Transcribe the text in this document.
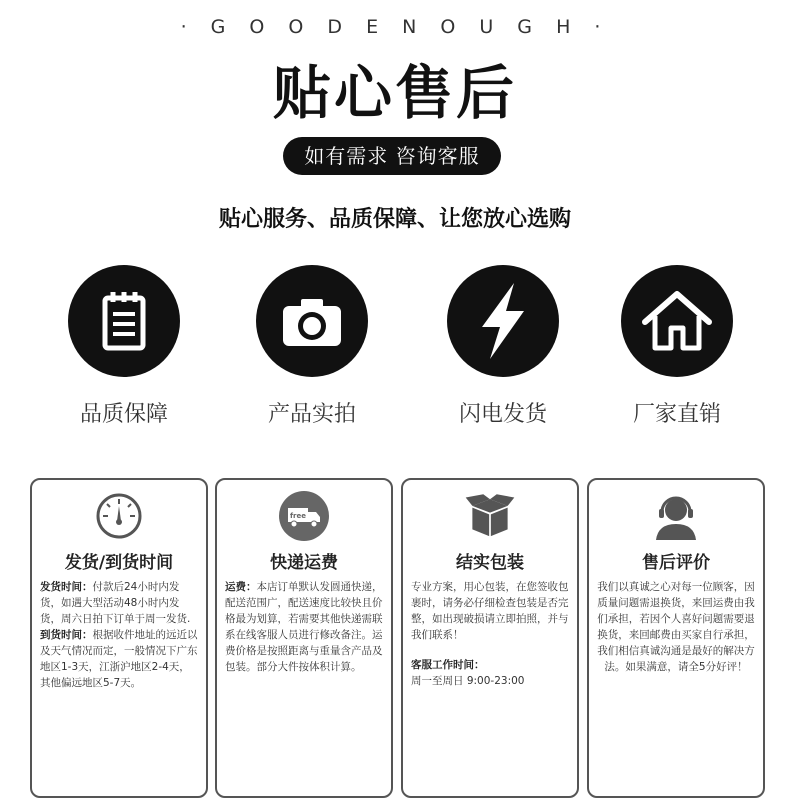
· G O O D E N O U G H ·
贴心售后
如有需求 咨询客服
贴心服务、品质保障、让您放心选购
品质保障	产品实拍	闪电发货	厂家直销
发货/到货时间
发货时间：付款后24小时内发货，如遇大型活动48小时内发货，周六日拍下订单于周一发货.
到货时间：根据收件地址的远近以及天气情况而定，一般情况下广东地区1-3天，江浙沪地区2-4天，其他偏远地区5-7天。
free
快递运费
运费：本店订单默认发圆通快递，配送范围广，配送速度比较快且价格最为划算，若需要其他快递需联系在线客服人员进行修改备注。运费价格是按照距离与重量含产品及包装。部分大件按体积计算。
结实包装
专业方案，用心包装，在您签收包裹时，请务必仔细检查包装是否完整，如出现破损请立即拍照，并与我们联系！
客服工作时间：
周一至周日 9:00-23:00
售后评价
我们以真诚之心对每一位顾客，因质量问题需退换货，来回运费由我们承担，若因个人喜好问题需要退换货，来回邮费由买家自行承担，我们相信真诚沟通是最好的解决方法。如果满意，请全5分好评！
